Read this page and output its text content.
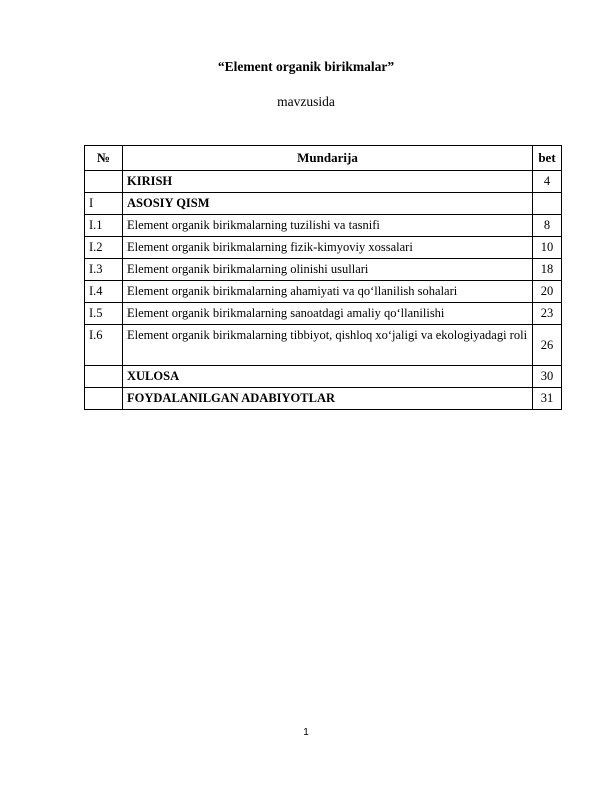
“Element organik birikmalar”

mavzusida

№	Mundarija	bet
	KIRISH	4
I	ASOSIY QISM	
I.1	Element organik birikmalarning tuzilishi va tasnifi	8
I.2	Element organik birikmalarning fizik-kimyoviy xossalari	10
I.3	Element organik birikmalarning olinishi usullari	18
I.4	Element organik birikmalarning ahamiyati va qo‘llanilish sohalari	20
I.5	Element organik birikmalarning sanoatdagi amaliy qo‘llanilishi	23
I.6	Element organik birikmalarning tibbiyot, qishloq xo‘jaligi va ekologiyadagi roli	26
	XULOSA	30
	FOYDALANILGAN ADABIYOTLAR	31
1
